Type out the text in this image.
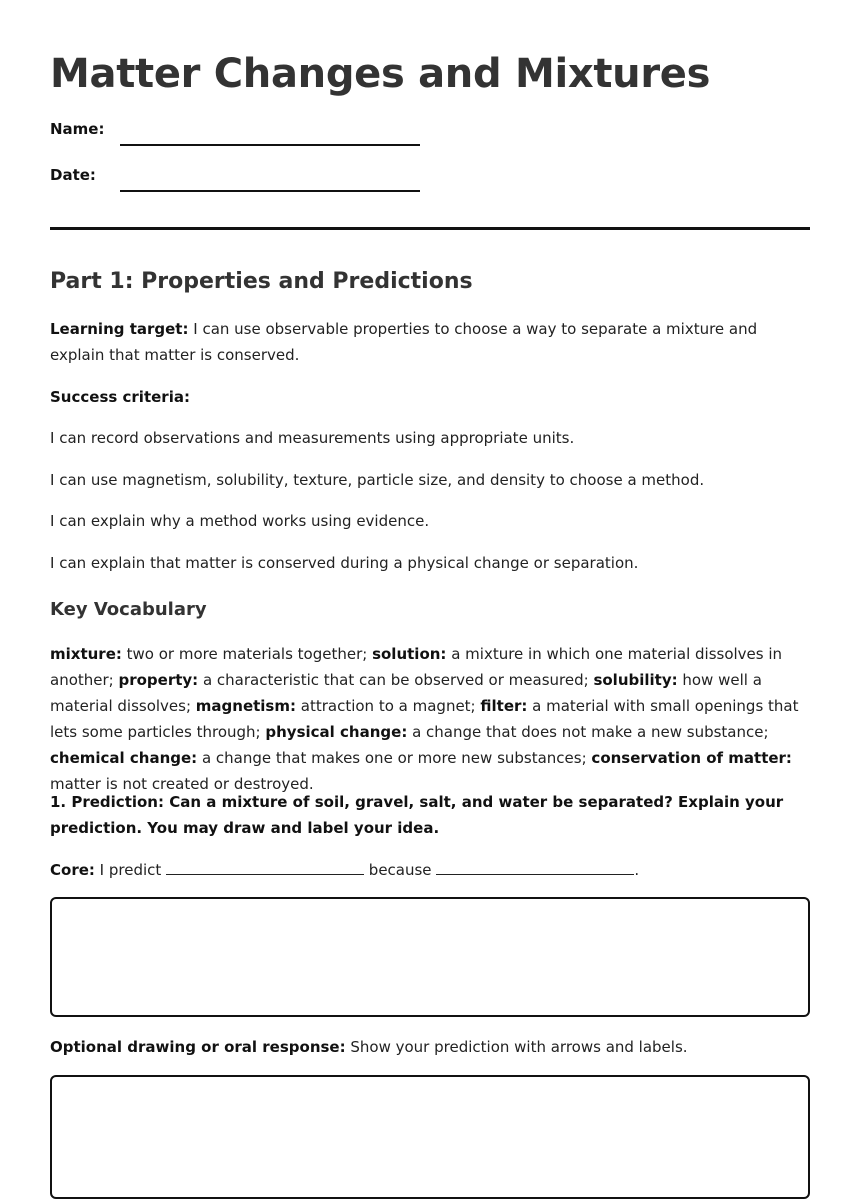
Matter Changes and Mixtures
Name:
Date:
Part 1: Properties and Predictions

Learning target: I can use observable properties to choose a way to separate a mixture and explain that matter is conserved.

Success criteria:

I can record observations and measurements using appropriate units.

I can use magnetism, solubility, texture, particle size, and density to choose a method.

I can explain why a method works using evidence.

I can explain that matter is conserved during a physical change or separation.

Key Vocabulary

mixture: two or more materials together; solution: a mixture in which one material dissolves in another; property: a characteristic that can be observed or measured; solubility: how well a material dissolves; magnetism: attraction to a magnet; filter: a material with small openings that lets some particles through; physical change: a change that does not make a new substance; chemical change: a change that makes one or more new substances; conservation of matter: matter is not created or destroyed.

1. Prediction: Can a mixture of soil, gravel, salt, and water be separated? Explain your prediction. You may draw and label your idea.

Core: I predict	because	.

Optional drawing or oral response: Show your prediction with arrows and labels.
